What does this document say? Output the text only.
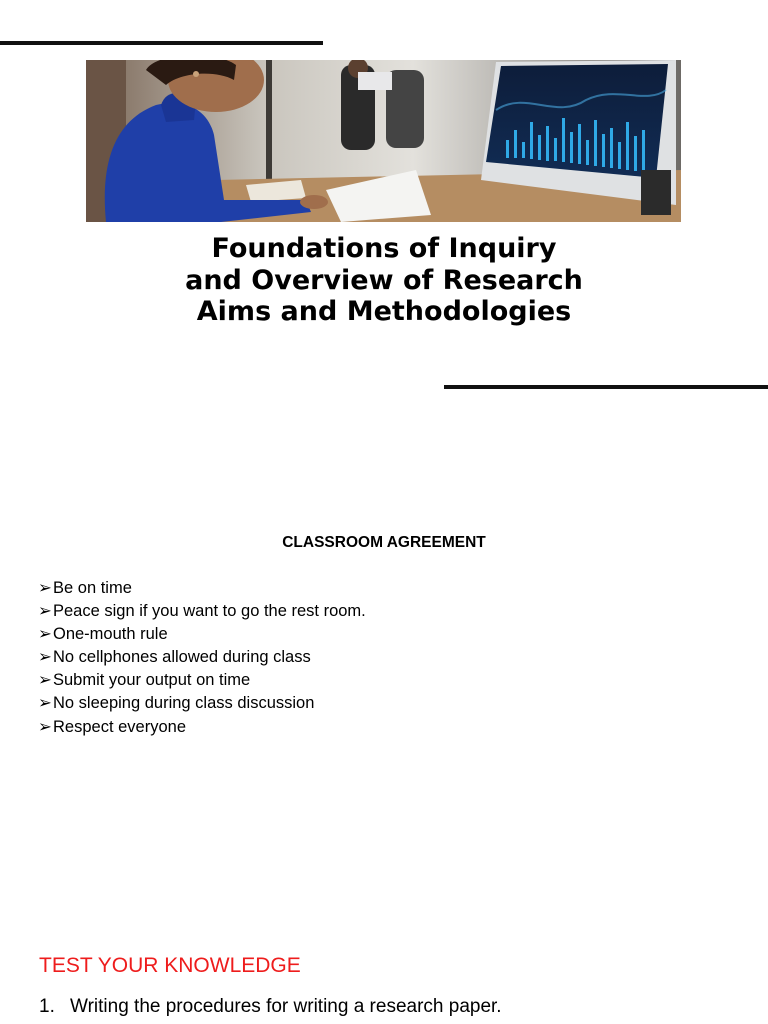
Foundations of Inquiry
and Overview of Research
Aims and Methodologies
CLASSROOM AGREEMENT
➢Be on time
➢Peace sign if you want to go the rest room.
➢One-mouth rule
➢No cellphones allowed during class
➢Submit your output on time
➢No sleeping during class discussion
➢Respect everyone
TEST YOUR KNOWLEDGE
1. Writing the procedures for writing a research paper.
